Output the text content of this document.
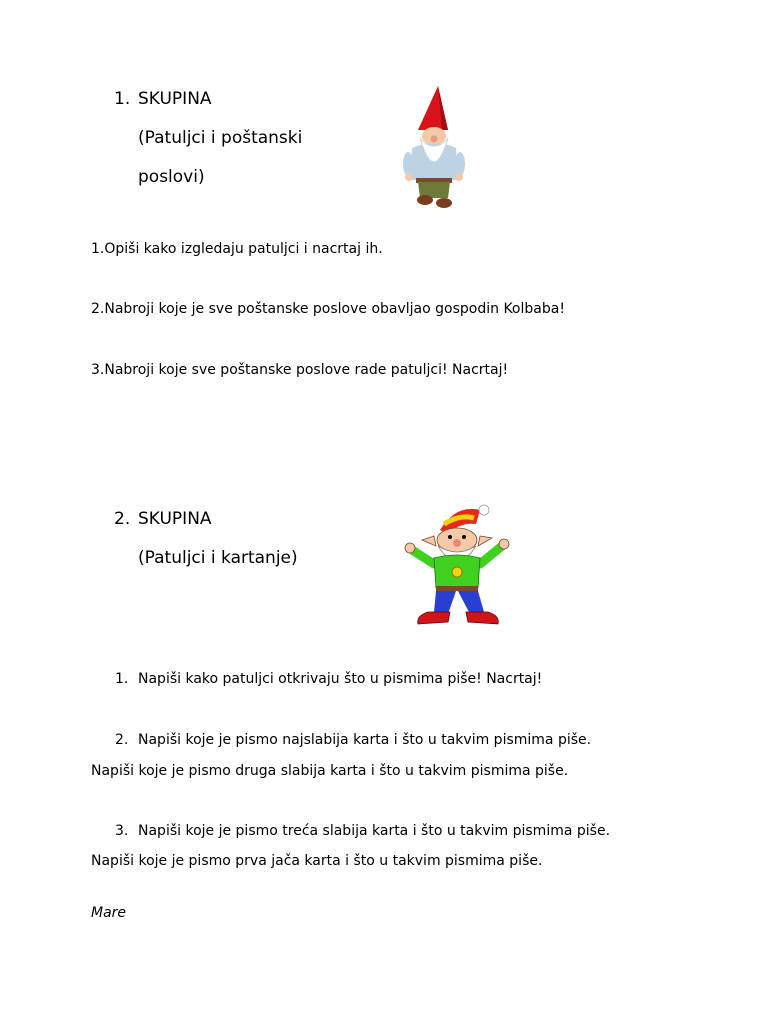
1. SKUPINA
(Patuljci i poštanski
poslovi)
1.Opiši kako izgledaju patuljci i nacrtaj ih.
2.Nabroji koje je sve poštanske poslove obavljao gospodin Kolbaba!
3.Nabroji koje sve poštanske poslove rade patuljci! Nacrtaj!
2. SKUPINA
(Patuljci i kartanje)
1. Napiši kako patuljci otkrivaju što u pismima piše! Nacrtaj!
2. Napiši koje je pismo najslabija karta i što u takvim pismima piše.
Napiši koje je pismo druga slabija karta i što u takvim pismima piše.
3. Napiši koje je pismo treća slabija karta i što u takvim pismima piše.
Napiši koje je pismo prva jača karta i što u takvim pismima piše.
Mare
